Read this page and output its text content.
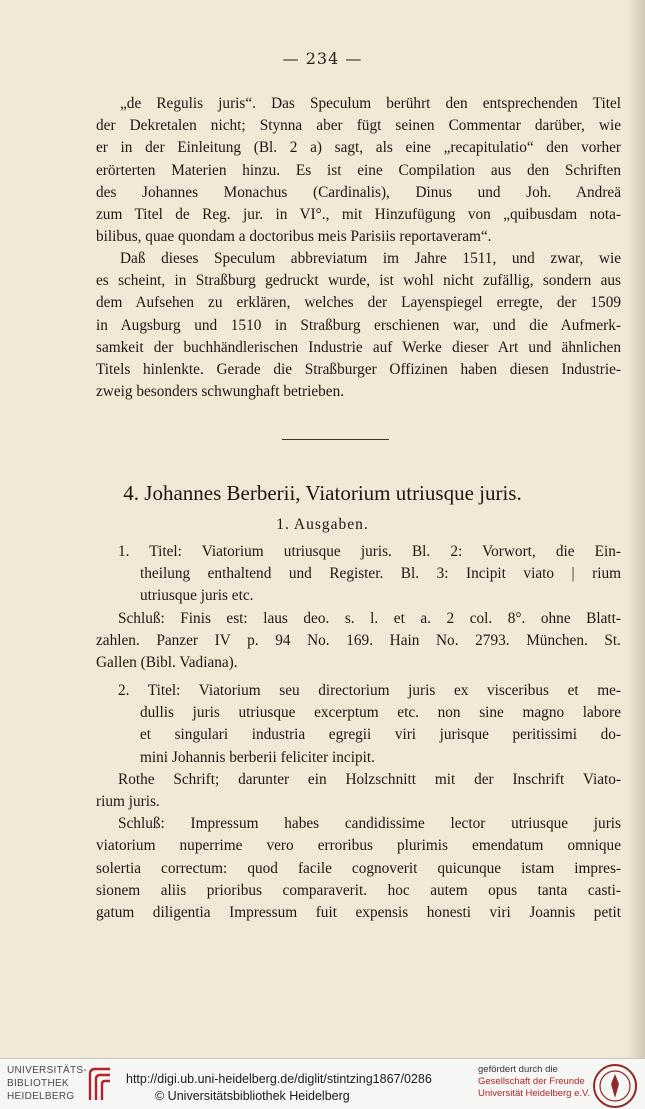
— 234 —
„de Regulis juris“. Das Speculum berührt den entsprechenden Titel
der Dekretalen nicht; Stynna aber fügt seinen Commentar darüber, wie
er in der Einleitung (Bl. 2 a) sagt, als eine „recapitulatio“ den vorher
erörterten Materien hinzu. Es ist eine Compilation aus den Schriften
des Johannes Monachus (Cardinalis), Dinus und Joh. Andreä
zum Titel de Reg. jur. in VI°., mit Hinzufügung von „quibusdam nota-
bilibus, quae quondam a doctoribus meis Parisiis reportaveram“.
Daß dieses Speculum abbreviatum im Jahre 1511, und zwar, wie
es scheint, in Straßburg gedruckt wurde, ist wohl nicht zufällig, sondern aus
dem Aufsehen zu erklären, welches der Layenspiegel erregte, der 1509
in Augsburg und 1510 in Straßburg erschienen war, und die Aufmerk-
samkeit der buchhändlerischen Industrie auf Werke dieser Art und ähnlichen
Titels hinlenkte. Gerade die Straßburger Offizinen haben diesen Industrie-
zweig besonders schwunghaft betrieben.
4. Johannes Berberii, Viatorium utriusque juris.
1. Ausgaben.
1. Titel: Viatorium utriusque juris. Bl. 2: Vorwort, die Ein-
theilung enthaltend und Register. Bl. 3: Incipit viato | rium
utriusque juris etc.
Schluß: Finis est: laus deo. s. l. et a. 2 col. 8°. ohne Blatt-
zahlen. Panzer IV p. 94 No. 169. Hain No. 2793. München. St.
Gallen (Bibl. Vadiana).
2. Titel: Viatorium seu directorium juris ex visceribus et me-
dullis juris utriusque excerptum etc. non sine magno labore
et singulari industria egregii viri jurisque peritissimi do-
mini Johannis berberii feliciter incipit.
Rothe Schrift; darunter ein Holzschnitt mit der Inschrift Viato-
rium juris.
Schluß: Impressum habes candidissime lector utriusque juris
viatorium nuperrime vero erroribus plurimis emendatum omnique
solertia correctum: quod facile cognoverit quicunque istam impres-
sionem aliis prioribus comparaverit. hoc autem opus tanta casti-
gatum diligentia Impressum fuit expensis honesti viri Joannis petit
UNIVERSITÄTS-
BIBLIOTHEK
HEIDELBERG
http://digi.ub.uni-heidelberg.de/diglit/stintzing1867/0286
© Universitätsbibliothek Heidelberg
gefördert durch die
Gesellschaft der Freunde
Universität Heidelberg e.V.
